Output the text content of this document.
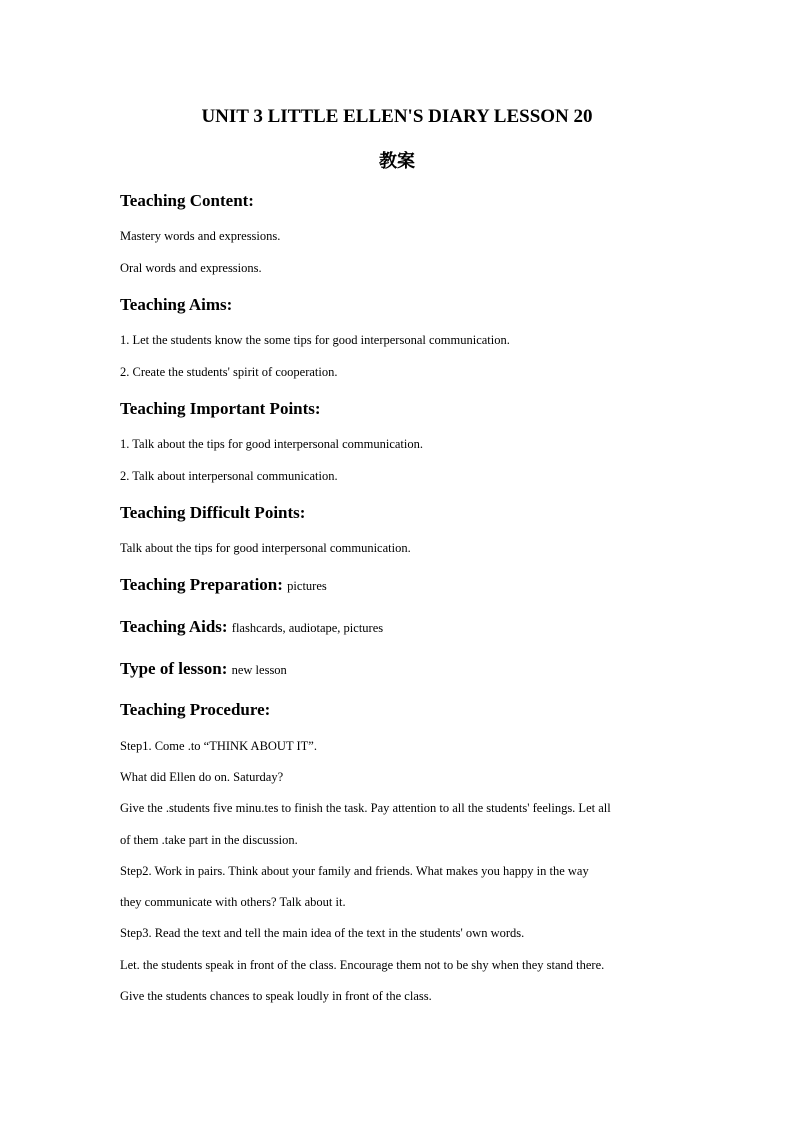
UNIT 3 LITTLE ELLEN'S DIARY LESSON 20
教案
Teaching Content:
Mastery words and expressions.
Oral words and expressions.
Teaching Aims:
1. Let the students know the some tips for good interpersonal communication.
2. Create the students' spirit of cooperation.
Teaching Important Points:
1. Talk about the tips for good interpersonal communication.
2. Talk about interpersonal communication.
Teaching Difficult Points:
Talk about the tips for good interpersonal communication.
Teaching Preparation: pictures
Teaching Aids: flashcards, audiotape, pictures
Type of lesson: new lesson
Teaching Procedure:
Step1. Come .to “THINK ABOUT IT”.
What did Ellen do on. Saturday?
Give the .students five minu.tes to finish the task. Pay attention to all the students' feelings. Let all
of them .take part in the discussion.
Step2. Work in pairs. Think about your family and friends. What makes you happy in the way
they communicate with others? Talk about it.
Step3. Read the text and tell the main idea of the text in the students' own words.
Let. the students speak in front of the class. Encourage them not to be shy when they stand there.
Give the students chances to speak loudly in front of the class.
